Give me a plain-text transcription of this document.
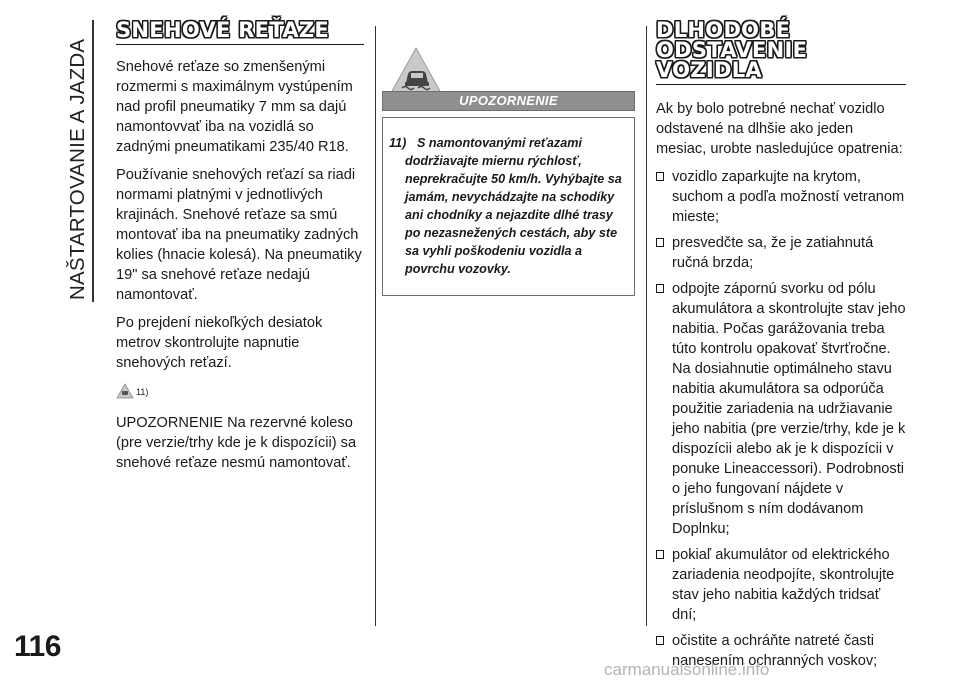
NAŠTARTOVANIE A JAZDA
SNEHOVÉ REŤAZE

Snehové reťaze so zmenšenými rozmermi s maximálnym vystúpením nad profil pneumatiky 7 mm sa dajú namontovvať iba na vozidlá so zadnými pneumatikami 235/40 R18.

Používanie snehových reťazí sa riadi normami platnými v jednotlivých krajinách. Snehové reťaze sa smú montovať iba na pneumatiky zadných kolies (hnacie kolesá). Na pneumatiky 19" sa snehové reťaze nedajú namontovať.

Po prejdení niekoľkých desiatok metrov skontrolujte napnutie snehových reťazí.

11)

UPOZORNENIE Na rezervné koleso (pre verzie/trhy kde je k dispozícii) sa snehové reťaze nesmú namontovať.

UPOZORNENIE
11) S namontovanými reťazami dodržiavajte miernu rýchlosť, neprekračujte 50 km/h. Vyhýbajte sa jamám, nevychádzajte na schodíky ani chodníky a nejazdite dlhé trasy po nezasnežených cestách, aby ste sa vyhli poškodeniu vozidla a povrchu vozovky.
DLHODOBÉ
ODSTAVENIE
VOZIDLA

Ak by bolo potrebné nechať vozidlo odstavené na dlhšie ako jeden mesiac, urobte nasledujúce opatrenia:

vozidlo zaparkujte na krytom, suchom a podľa možností vetranom mieste;
presvedčte sa, že je zatiahnutá ručná brzda;
odpojte zápornú svorku od pólu akumulátora a skontrolujte stav jeho nabitia. Počas garážovania treba túto kontrolu opakovať štvrťročne. Na dosiahnutie optimálneho stavu nabitia akumulátora sa odporúča použitie zariadenia na udržiavanie jeho nabitia (pre verzie/trhy, kde je k dispozícii alebo ak je k dispozícii v ponuke Lineaccessori). Podrobnosti o jeho fungovaní nájdete v príslušnom s ním dodávanom Doplnku;
pokiaľ akumulátor od elektrického zariadenia neodpojíte, skontrolujte stav jeho nabitia každých tridsať dní;
očistite a ochráňte natreté časti nanesením ochranných voskov;
116
carmanualsonline.info
